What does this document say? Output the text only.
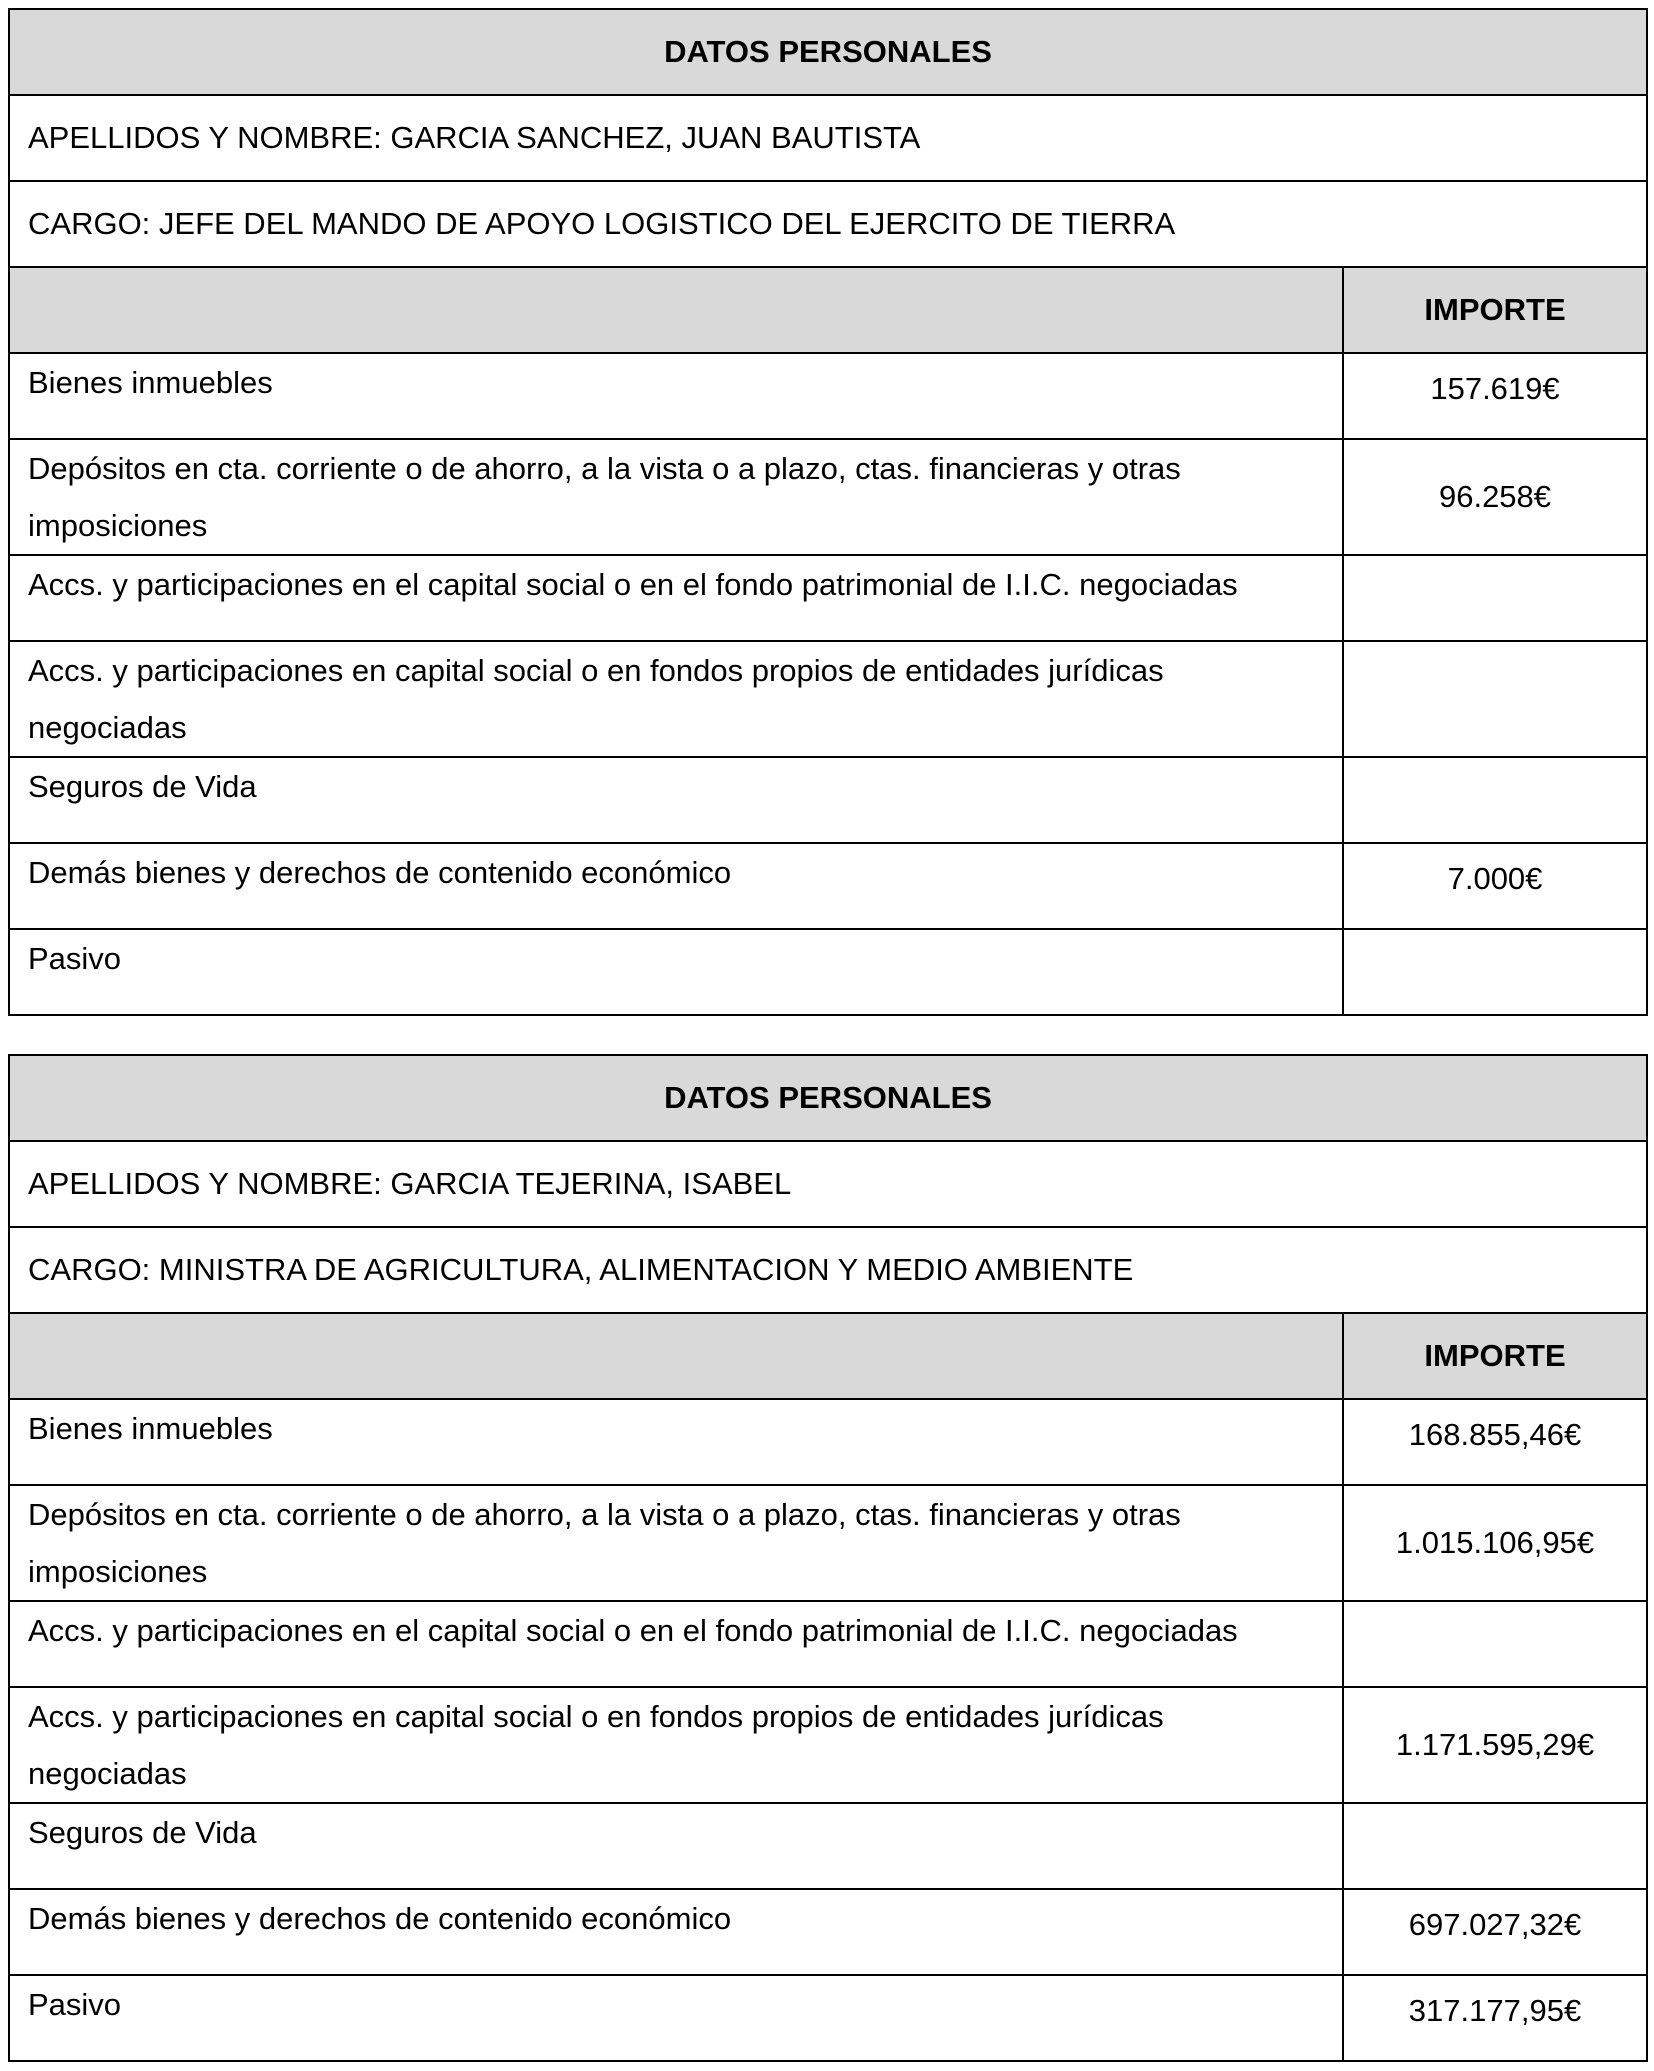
DATOS PERSONALES	
APELLIDOS Y NOMBRE: GARCIA SANCHEZ, JUAN BAUTISTA	
CARGO: JEFE DEL MANDO DE APOYO LOGISTICO DEL EJERCITO DE TIERRA	
	IMPORTE
Bienes inmuebles	157.619€
Depósitos en cta. corriente o de ahorro, a la vista o a plazo, ctas. financieras y otras imposiciones	96.258€
Accs. y participaciones en el capital social o en el fondo patrimonial de I.I.C. negociadas	
Accs. y participaciones en capital social o en fondos propios de entidades jurídicas negociadas	
Seguros de Vida	
Demás bienes y derechos de contenido económico	7.000€
Pasivo	
DATOS PERSONALES	
APELLIDOS Y NOMBRE: GARCIA TEJERINA, ISABEL	
CARGO: MINISTRA DE AGRICULTURA, ALIMENTACION Y MEDIO AMBIENTE	
	IMPORTE
Bienes inmuebles	168.855,46€
Depósitos en cta. corriente o de ahorro, a la vista o a plazo, ctas. financieras y otras imposiciones	1.015.106,95€
Accs. y participaciones en el capital social o en el fondo patrimonial de I.I.C. negociadas	
Accs. y participaciones en capital social o en fondos propios de entidades jurídicas negociadas	1.171.595,29€
Seguros de Vida	
Demás bienes y derechos de contenido económico	697.027,32€
Pasivo	317.177,95€
